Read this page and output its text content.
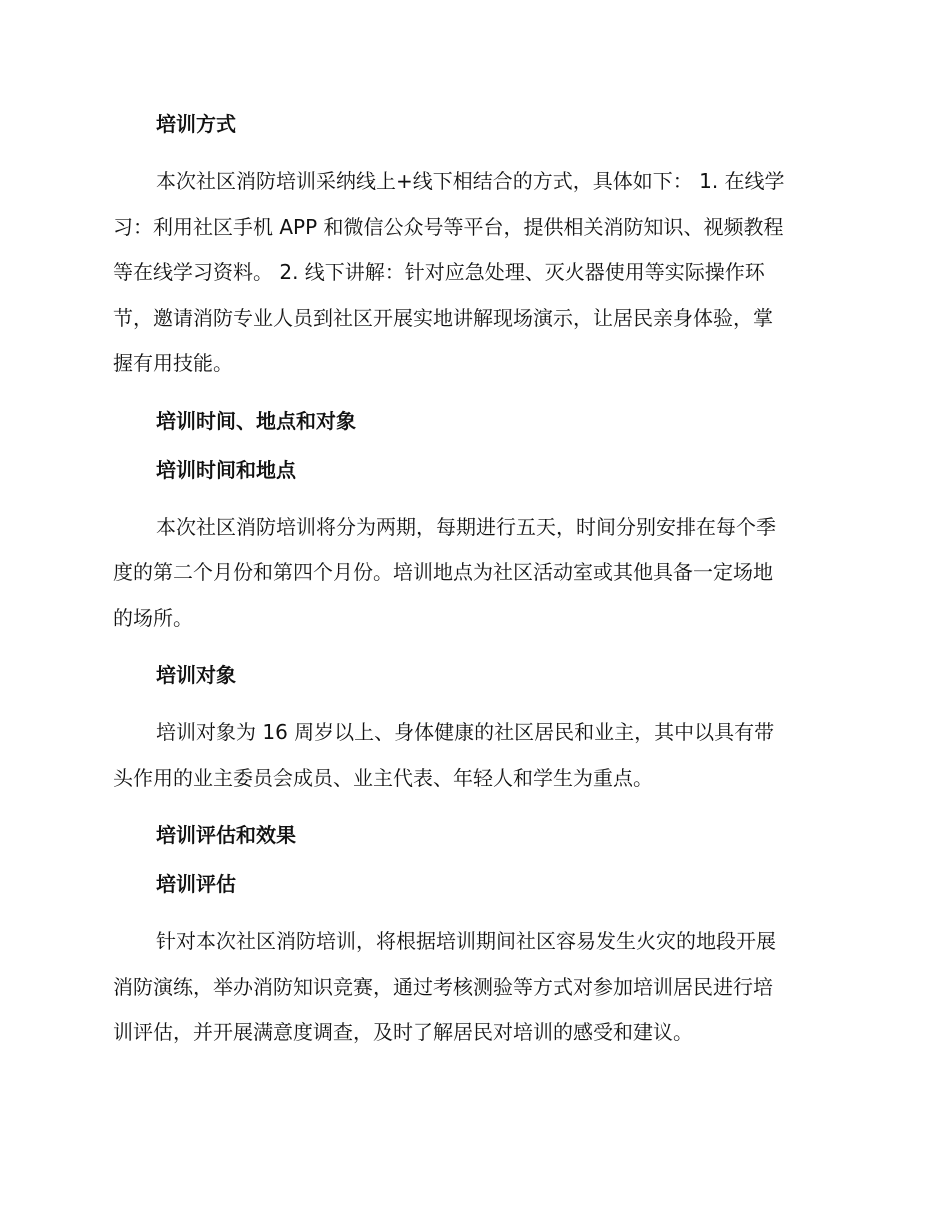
培训方式
本次社区消防培训采纳线上+线下相结合的方式，具体如下： 1. 在线学
习：利用社区手机 APP 和微信公众号等平台，提供相关消防知识、视频教程
等在线学习资料。 2. 线下讲解：针对应急处理、灭火器使用等实际操作环
节，邀请消防专业人员到社区开展实地讲解现场演示，让居民亲身体验，掌
握有用技能。
培训时间、地点和对象
培训时间和地点
本次社区消防培训将分为两期，每期进行五天，时间分别安排在每个季
度的第二个月份和第四个月份。培训地点为社区活动室或其他具备一定场地
的场所。
培训对象
培训对象为 16 周岁以上、身体健康的社区居民和业主，其中以具有带
头作用的业主委员会成员、业主代表、年轻人和学生为重点。
培训评估和效果
培训评估
针对本次社区消防培训，将根据培训期间社区容易发生火灾的地段开展
消防演练，举办消防知识竞赛，通过考核测验等方式对参加培训居民进行培
训评估，并开展满意度调查，及时了解居民对培训的感受和建议。
